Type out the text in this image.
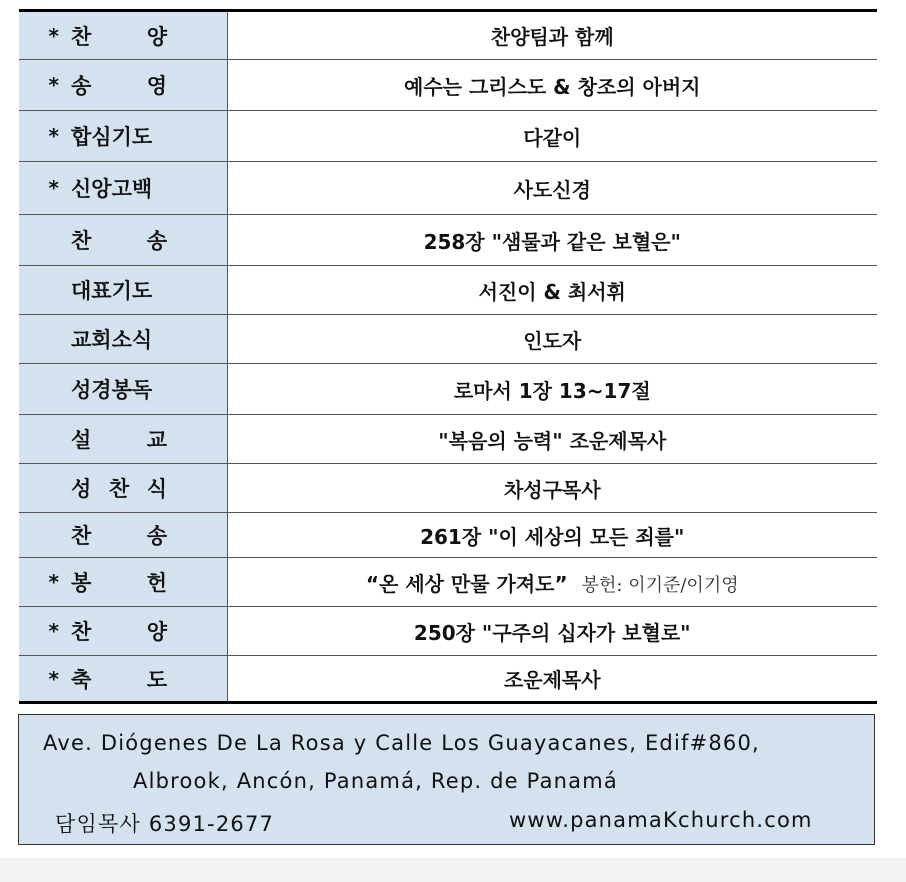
* 찬 양	찬양팀과 함께

* 송 영	예수는 그리스도 & 창조의 아버지

* 합심기도	다같이

* 신앙고백	사도신경

찬 송	258장 "샘물과 같은 보혈은"

대표기도	서진이 & 최서휘

교회소식	인도자

성경봉독	로마서 1장 13~17절

설 교	"복음의 능력" 조운제목사

성 찬 식	차성구목사

찬 송	261장 "이 세상의 모든 죄를"

* 봉 헌	“온 세상 만물 가져도” 봉헌: 이기준/이기영

* 찬 양	250장 "구주의 십자가 보혈로"

* 축 도	조운제목사
Ave. Diógenes De La Rosa y Calle Los Guayacanes, Edif#860,
Albrook, Ancón, Panamá, Rep. de Panamá
담임목사 6391-2677	www.panamaKchurch.com
